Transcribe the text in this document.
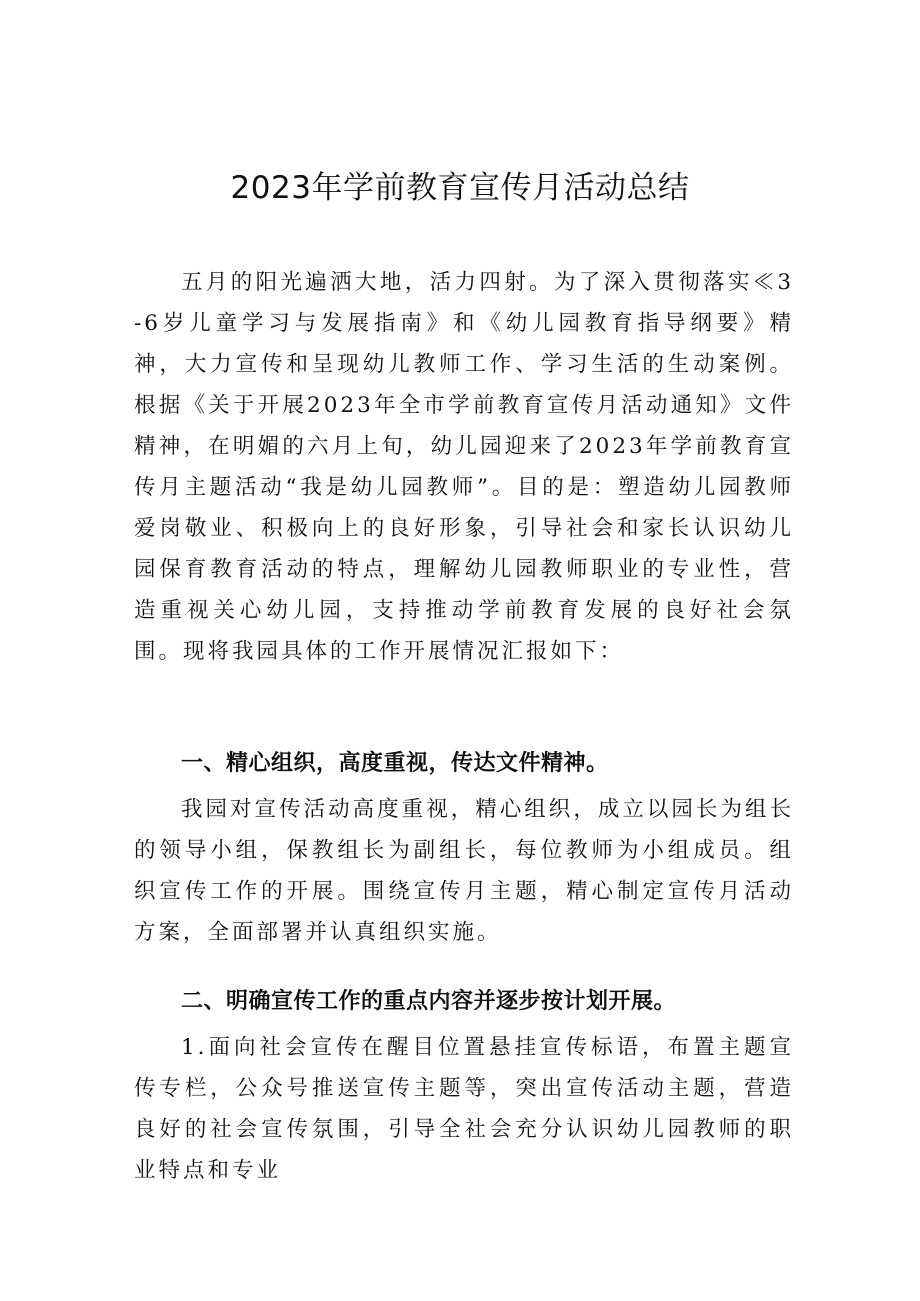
2023年学前教育宣传月活动总结

五月的阳光遍洒大地，活力四射。为了深入贯彻落实≪3-6岁儿童学习与发展指南》和《幼儿园教育指导纲要》精神，大力宣传和呈现幼儿教师工作、学习生活的生动案例。根据《关于开展2023年全市学前教育宣传月活动通知》文件精神，在明媚的六月上旬，幼儿园迎来了2023年学前教育宣传月主题活动“我是幼儿园教师”。目的是：塑造幼儿园教师爱岗敬业、积极向上的良好形象，引导社会和家长认识幼儿园保育教育活动的特点，理解幼儿园教师职业的专业性，营造重视关心幼儿园，支持推动学前教育发展的良好社会氛围。现将我园具体的工作开展情况汇报如下：

一、精心组织，高度重视，传达文件精神。

我园对宣传活动高度重视，精心组织，成立以园长为组长的领导小组，保教组长为副组长，每位教师为小组成员。组织宣传工作的开展。围绕宣传月主题，精心制定宣传月活动方案，全面部署并认真组织实施。

二、明确宣传工作的重点内容并逐步按计划开展。

1.面向社会宣传在醒目位置悬挂宣传标语，布置主题宣传专栏，公众号推送宣传主题等，突出宣传活动主题，营造良好的社会宣传氛围，引导全社会充分认识幼儿园教师的职业特点和专业
